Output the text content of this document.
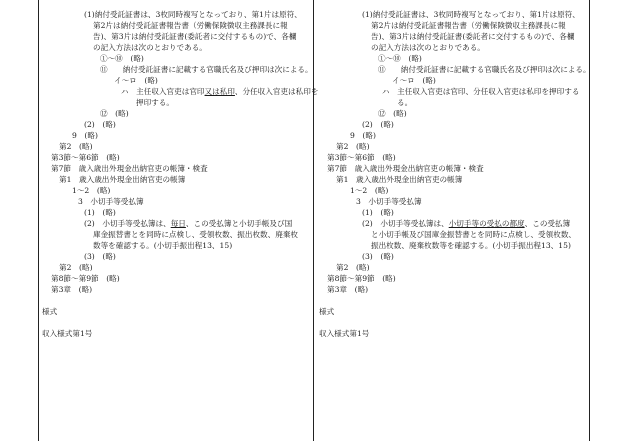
(1)納付受託証書は、3枚同時複写となっており、第1片は原符、
第2片は納付受託証書報告書（労働保険徴収主務課長に報
告)、第3片は納付受託証書(委託者に交付するもの)で、各欄
の記入方法は次のとおりである。
①～⑩　(略)
⑪　　納付受託証書に記載する官職氏名及び押印は次による。
イ～ロ　(略)
ハ　主任収入官吏は官印又は私印、分任収入官吏は私印を
押印する。
⑫　(略)
(2)　(略)
9　(略)
第2　(略)
第3節～第6節　(略)
第7節　歳入歳出外現金出納官吏の帳簿・検査
第1　歳入歳出外現金出納官吏の帳簿
1～2　(略)
3　小切手等受払簿
(1)　(略)
(2)　小切手等受払簿は、毎日、この受払簿と小切手帳及び国
庫金振替書とを同時に点検し、受領枚数、振出枚数、廃棄枚
数等を確認する。(小切手振出程13、15)
(3)　(略)
第2　(略)
第8節～第9節　(略)
第3章　(略)
様式
収入様式第1号
(1)納付受託証書は、3枚同時複写となっており、第1片は原符、
第2片は納付受託証書報告書（労働保険徴収主務課長に報
告)、第3片は納付受託証書(委託者に交付するもの)で、各欄
の記入方法は次のとおりである。
①～⑩　(略)
⑪　　納付受託証書に記載する官職氏名及び押印は次による。
イ～ロ　(略)
ハ　主任収入官吏は官印、分任収入官吏は私印を押印する
る。
⑫　(略)
(2)　(略)
9　(略)
第2　(略)
第3節～第6節　(略)
第7節　歳入歳出外現金出納官吏の帳簿・検査
第1　歳入歳出外現金出納官吏の帳簿
1～2　(略)
3　小切手等受払簿
(1)　(略)
(2)　小切手等受払簿は、小切手等の受払の都度、この受払簿
と小切手帳及び国庫金振替書とを同時に点検し、受領枚数、
振出枚数、廃棄枚数等を確認する。(小切手振出程13、15)
(3)　(略)
第2　(略)
第8節～第9節　(略)
第3章　(略)
様式
収入様式第1号
